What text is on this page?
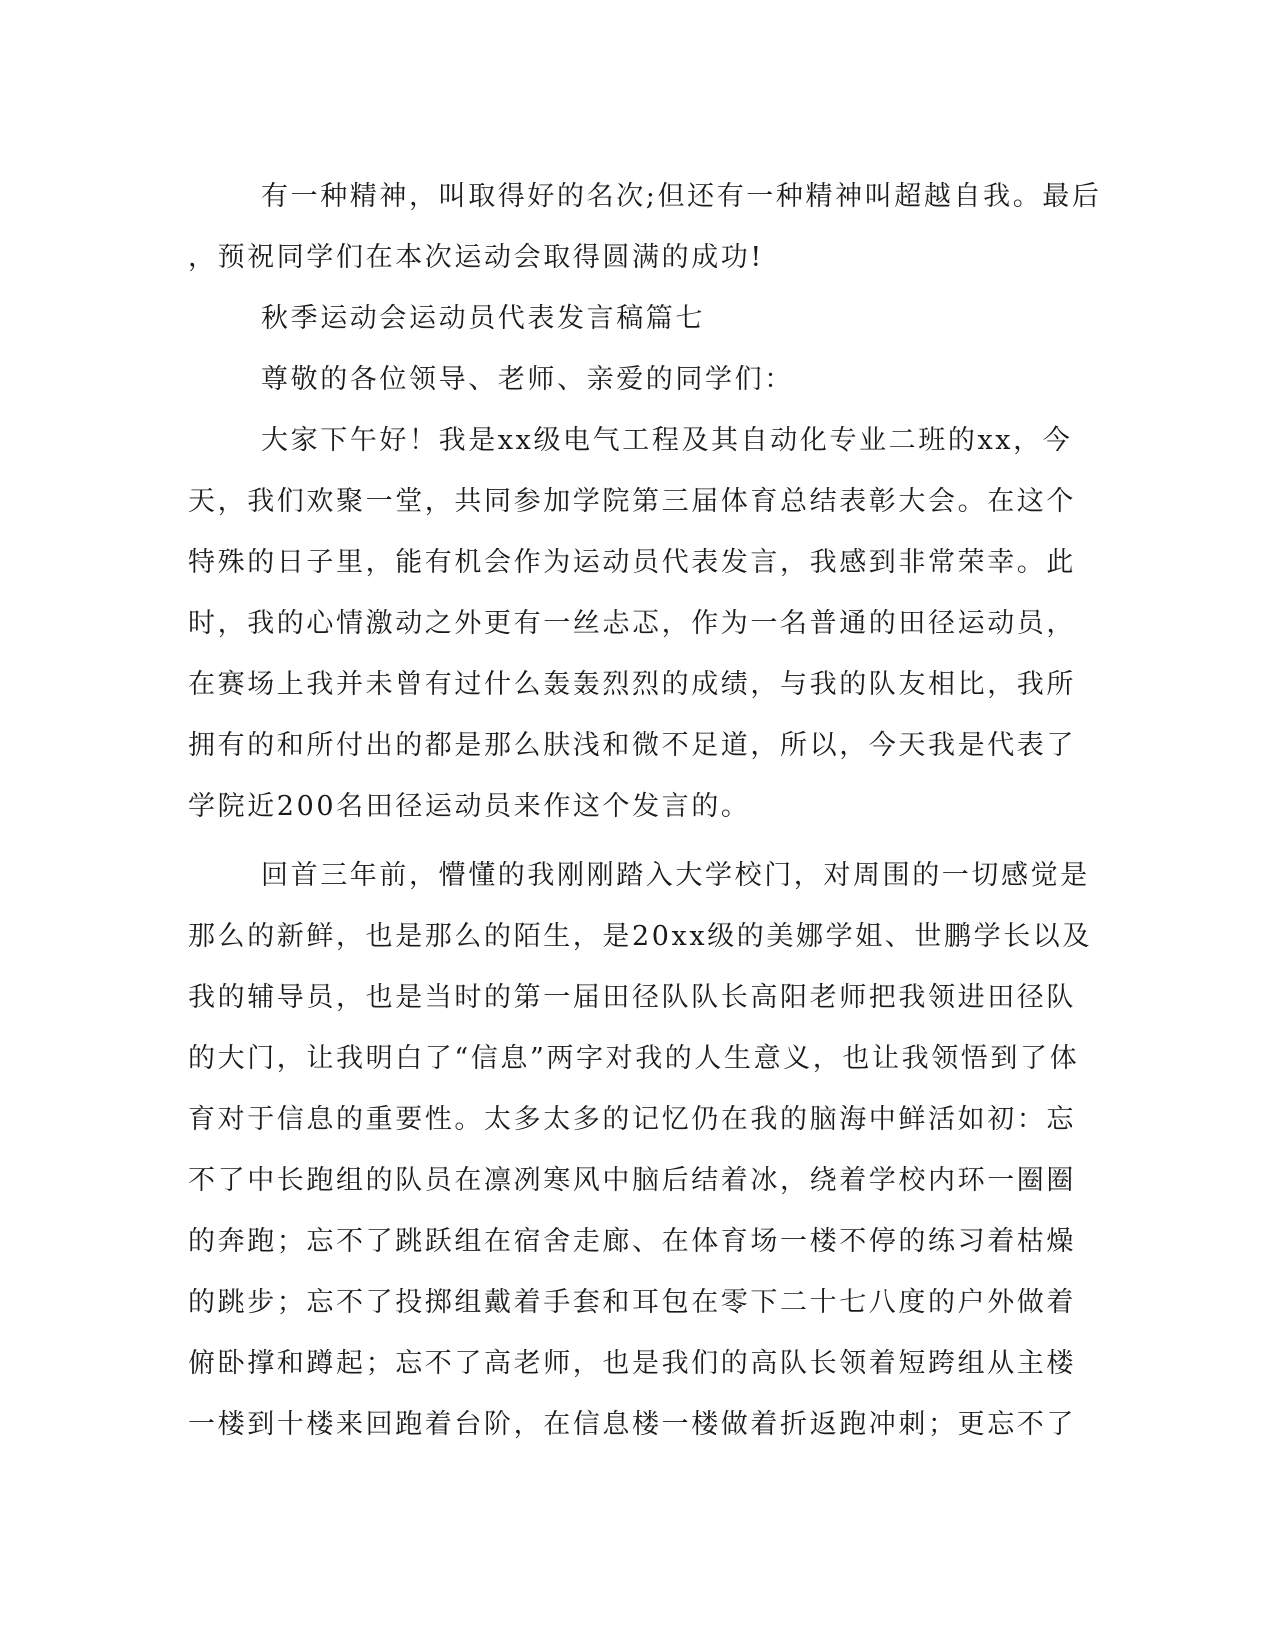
有一种精神，叫取得好的名次;但还有一种精神叫超越自我。最后
，预祝同学们在本次运动会取得圆满的成功!
秋季运动会运动员代表发言稿篇七
尊敬的各位领导、老师、亲爱的同学们：
大家下午好！我是xx级电气工程及其自动化专业二班的xx，今
天，我们欢聚一堂，共同参加学院第三届体育总结表彰大会。在这个
特殊的日子里，能有机会作为运动员代表发言，我感到非常荣幸。此
时，我的心情激动之外更有一丝忐忑，作为一名普通的田径运动员，
在赛场上我并未曾有过什么轰轰烈烈的成绩，与我的队友相比，我所
拥有的和所付出的都是那么肤浅和微不足道，所以，今天我是代表了
学院近200名田径运动员来作这个发言的。
回首三年前，懵懂的我刚刚踏入大学校门，对周围的一切感觉是
那么的新鲜，也是那么的陌生，是20xx级的美娜学姐、世鹏学长以及
我的辅导员，也是当时的第一届田径队队长高阳老师把我领进田径队
的大门，让我明白了“信息”两字对我的人生意义，也让我领悟到了体
育对于信息的重要性。太多太多的记忆仍在我的脑海中鲜活如初：忘
不了中长跑组的队员在凛冽寒风中脑后结着冰，绕着学校内环一圈圈
的奔跑；忘不了跳跃组在宿舍走廊、在体育场一楼不停的练习着枯燥
的跳步；忘不了投掷组戴着手套和耳包在零下二十七八度的户外做着
俯卧撑和蹲起；忘不了高老师，也是我们的高队长领着短跨组从主楼
一楼到十楼来回跑着台阶，在信息楼一楼做着折返跑冲刺；更忘不了
